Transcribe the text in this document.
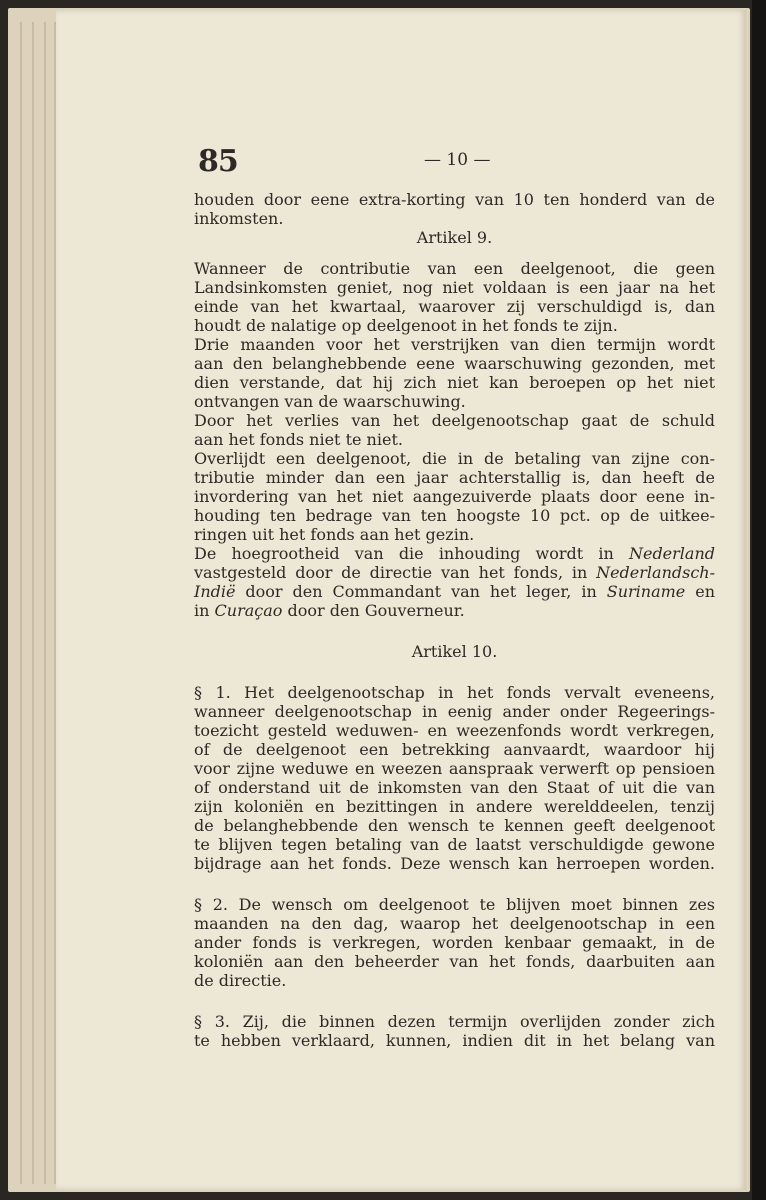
85	— 10 —

houden door eene extra-korting van 10 ten honderd van de

inkomsten.

Artikel 9.

Wanneer de contributie van een deelgenoot, die geen

Landsinkomsten geniet, nog niet voldaan is een jaar na het

einde van het kwartaal, waarover zij verschuldigd is, dan

houdt de nalatige op deelgenoot in het fonds te zijn.

Drie maanden voor het verstrijken van dien termijn wordt

aan den belanghebbende eene waarschuwing gezonden, met

dien verstande, dat hij zich niet kan beroepen op het niet

ontvangen van de waarschuwing.

Door het verlies van het deelgenootschap gaat de schuld

aan het fonds niet te niet.

Overlijdt een deelgenoot, die in de betaling van zijne con-

tributie minder dan een jaar achterstallig is, dan heeft de

invordering van het niet aangezuiverde plaats door eene in-

houding ten bedrage van ten hoogste 10 pct. op de uitkee-

ringen uit het fonds aan het gezin.

De hoegrootheid van die inhouding wordt in Nederland

vastgesteld door de directie van het fonds, in Nederlandsch-

Indië door den Commandant van het leger, in Suriname en

in Curaçao door den Gouverneur.

Artikel 10.

§ 1. Het deelgenootschap in het fonds vervalt eveneens,

wanneer deelgenootschap in eenig ander onder Regeerings-

toezicht gesteld weduwen- en weezenfonds wordt verkregen,

of de deelgenoot een betrekking aanvaardt, waardoor hij

voor zijne weduwe en weezen aanspraak verwerft op pensioen

of onderstand uit de inkomsten van den Staat of uit die van

zijn koloniën en bezittingen in andere werelddeelen, tenzij

de belanghebbende den wensch te kennen geeft deelgenoot

te blijven tegen betaling van de laatst verschuldigde gewone

bijdrage aan het fonds. Deze wensch kan herroepen worden.

§ 2. De wensch om deelgenoot te blijven moet binnen zes

maanden na den dag, waarop het deelgenootschap in een

ander fonds is verkregen, worden kenbaar gemaakt, in de

koloniën aan den beheerder van het fonds, daarbuiten aan

de directie.

§ 3. Zij, die binnen dezen termijn overlijden zonder zich

te hebben verklaard, kunnen, indien dit in het belang van
